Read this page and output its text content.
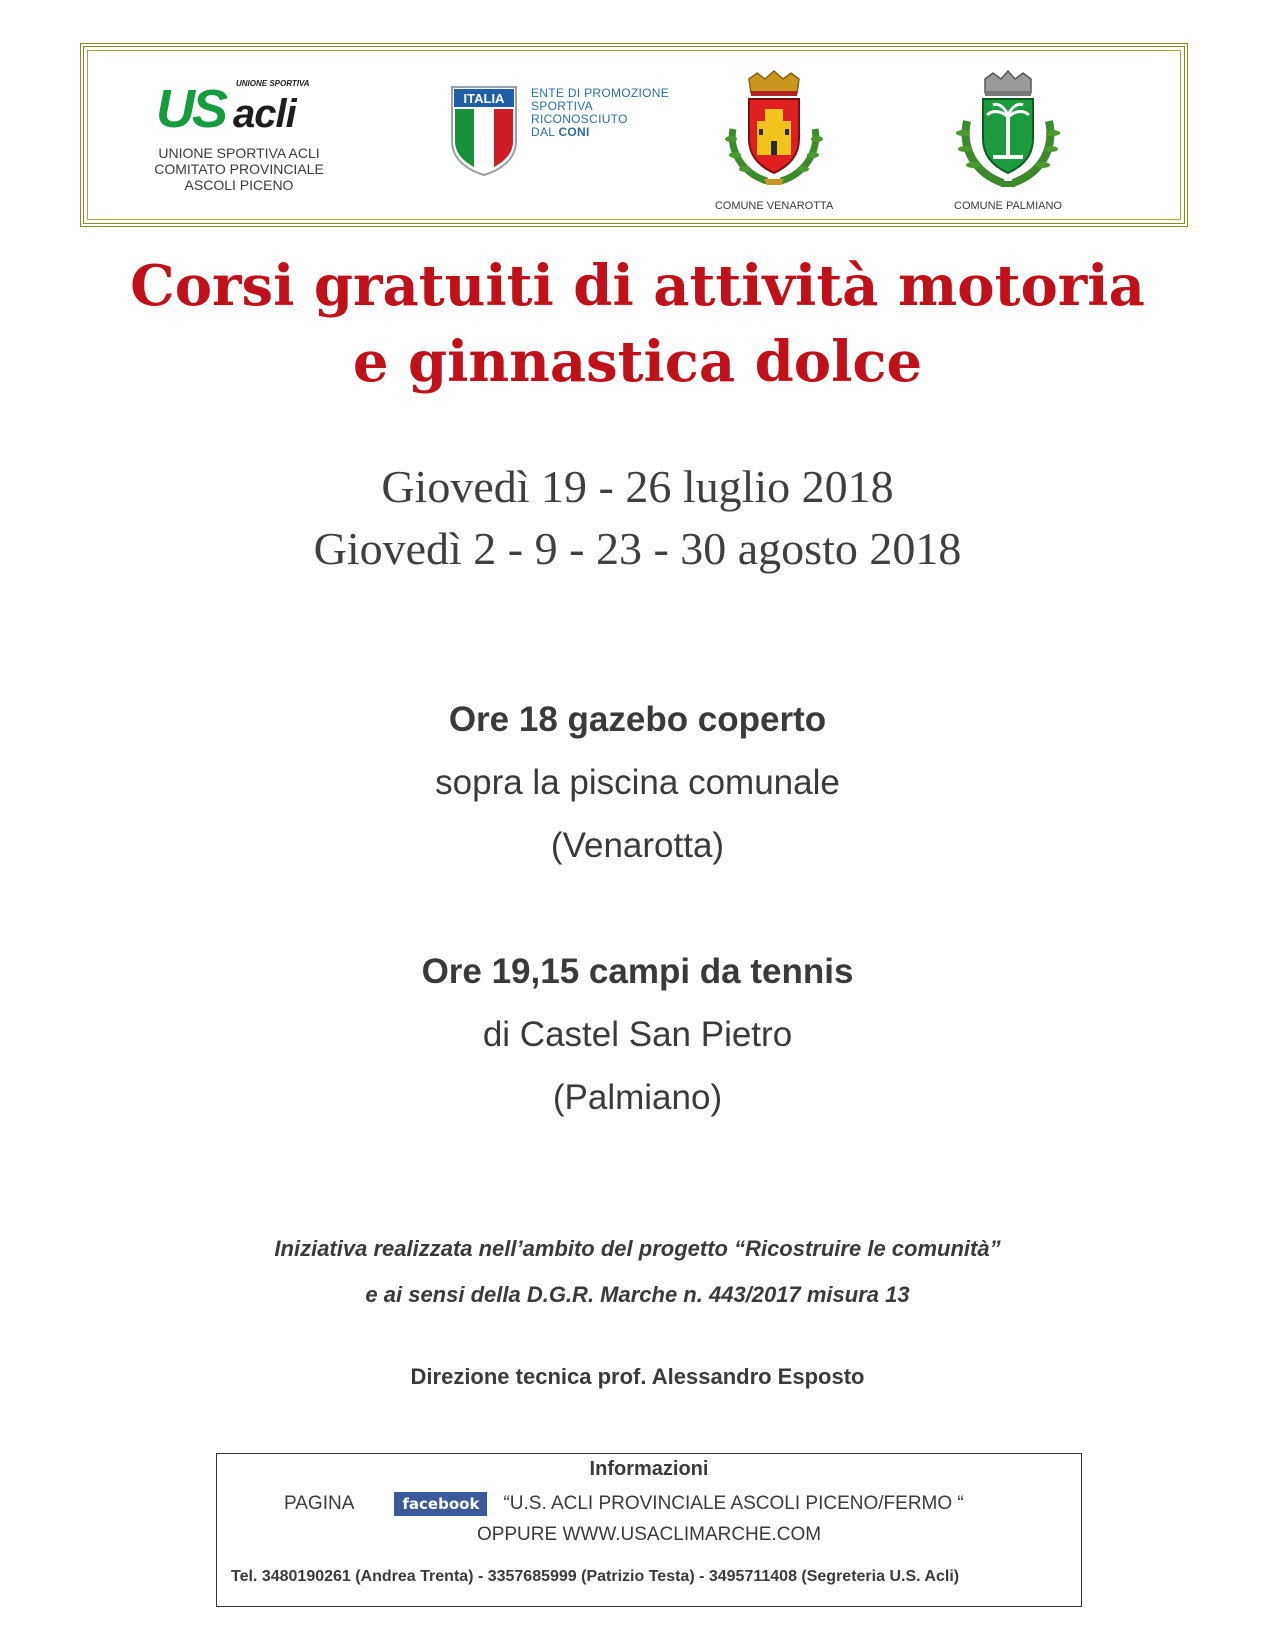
US acli
UNIONE SPORTIVA
UNIONE SPORTIVA ACLI
COMITATO PROVINCIALE
ASCOLI PICENO
ITALIA ENTE DI PROMOZIONE
SPORTIVA
RICONOSCIUTO
DAL CONI
COMUNE VENAROTTA	COMUNE PALMIANO
Corsi gratuiti di attività motoria
e ginnastica dolce
Giovedì 19 - 26 luglio 2018
Giovedì 2 - 9 - 23 - 30 agosto 2018
Ore 18 gazebo coperto
sopra la piscina comunale
(Venarotta)
Ore 19,15 campi da tennis
di Castel San Pietro
(Palmiano)
Iniziativa realizzata nell’ambito del progetto “Ricostruire le comunità”
e ai sensi della D.G.R. Marche n. 443/2017 misura 13
Direzione tecnica prof. Alessandro Esposto
Informazioni
PAGINA	facebook	“U.S. ACLI PROVINCIALE ASCOLI PICENO/FERMO “
OPPURE WWW.USACLIMARCHE.COM
Tel. 3480190261 (Andrea Trenta) - 3357685999 (Patrizio Testa) - 3495711408 (Segreteria U.S. Acli)
